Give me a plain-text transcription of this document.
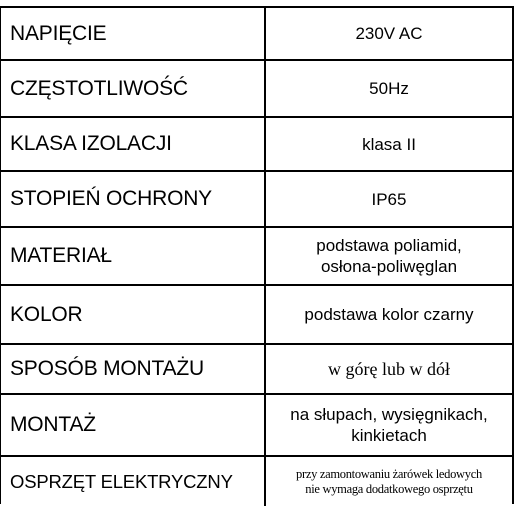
NAPIĘCIE	230V AC
CZĘSTOTLIWOŚĆ	50Hz
KLASA IZOLACJI	klasa II
STOPIEŃ OCHRONY	IP65
MATERIAŁ	podstawa poliamid,
osłona-poliwęglan
KOLOR	podstawa kolor czarny
SPOSÓB MONTAŻU	w górę lub w dół
MONTAŻ	na słupach, wysięgnikach,
kinkietach
OSPRZĘT ELEKTRYCZNY	przy zamontowaniu żarówek ledowych
nie wymaga dodatkowego osprzętu
